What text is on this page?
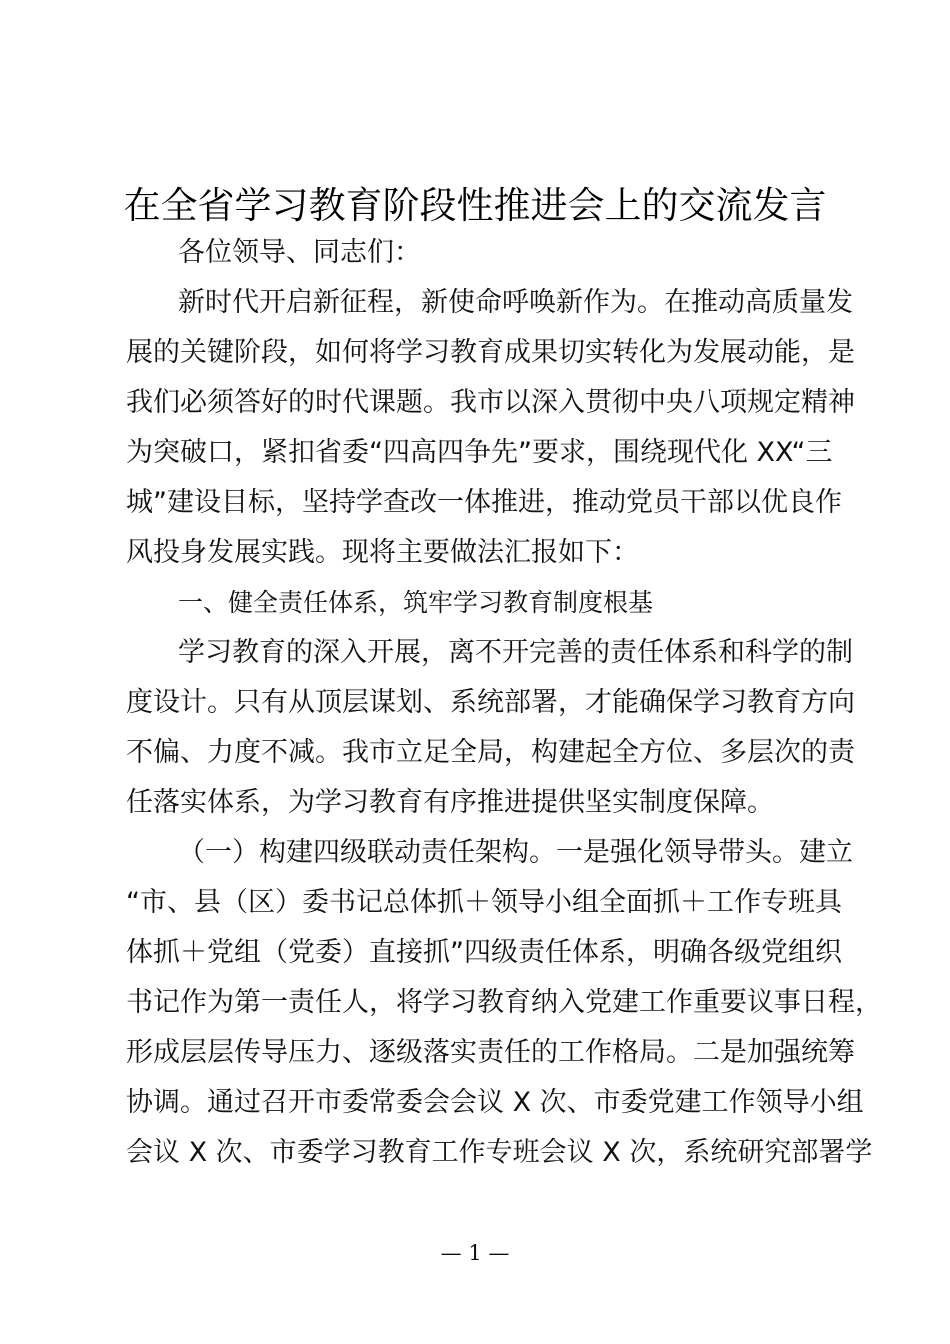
在全省学习教育阶段性推进会上的交流发言
各位领导、同志们：
新时代开启新征程，新使命呼唤新作为。在推动高质量发
展的关键阶段，如何将学习教育成果切实转化为发展动能，是
我们必须答好的时代课题。我市以深入贯彻中央八项规定精神
为突破口，紧扣省委“四高四争先”要求，围绕现代化 XX“三
城”建设目标，坚持学查改一体推进，推动党员干部以优良作
风投身发展实践。现将主要做法汇报如下：
一、健全责任体系，筑牢学习教育制度根基
学习教育的深入开展，离不开完善的责任体系和科学的制
度设计。只有从顶层谋划、系统部署，才能确保学习教育方向
不偏、力度不减。我市立足全局，构建起全方位、多层次的责
任落实体系，为学习教育有序推进提供坚实制度保障。
（一）构建四级联动责任架构。一是强化领导带头。建立
“市、县（区）委书记总体抓＋领导小组全面抓＋工作专班具
体抓＋党组（党委）直接抓”四级责任体系，明确各级党组织
书记作为第一责任人，将学习教育纳入党建工作重要议事日程，
形成层层传导压力、逐级落实责任的工作格局。二是加强统筹
协调。通过召开市委常委会会议 X 次、市委党建工作领导小组
会议 X 次、市委学习教育工作专班会议 X 次，系统研究部署学
— 1 —
